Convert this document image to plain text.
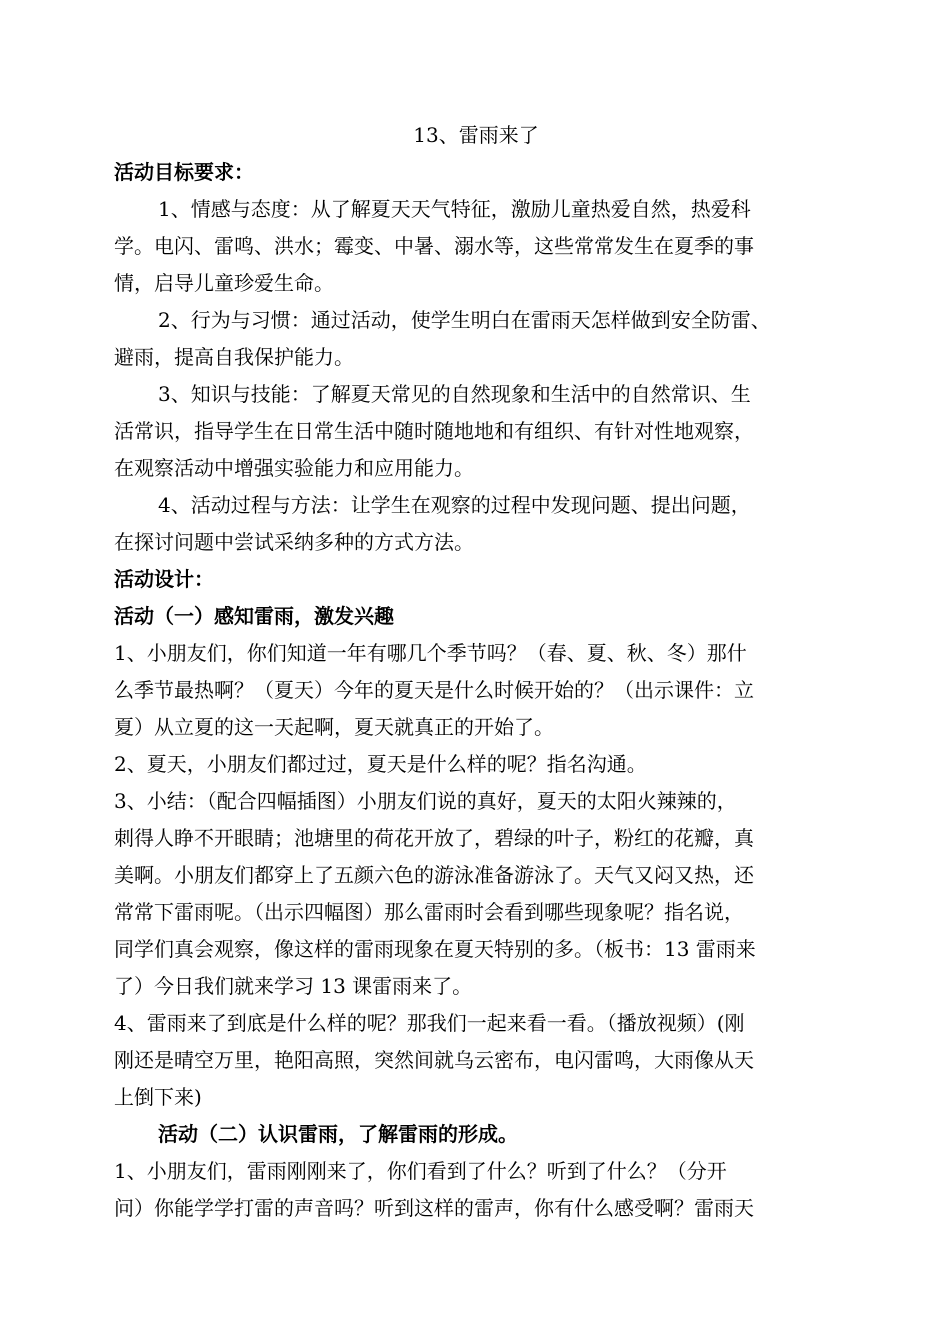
13、雷雨来了

活动目标要求：

1、情感与态度：从了解夏天天气特征，激励儿童热爱自然，热爱科

学。电闪、雷鸣、洪水；霉变、中暑、溺水等，这些常常发生在夏季的事

情，启导儿童珍爱生命。

2、行为与习惯：通过活动，使学生明白在雷雨天怎样做到安全防雷、

避雨，提高自我保护能力。

3、知识与技能：了解夏天常见的自然现象和生活中的自然常识、生

活常识，指导学生在日常生活中随时随地地和有组织、有针对性地观察，

在观察活动中增强实验能力和应用能力。

4、活动过程与方法：让学生在观察的过程中发现问题、提出问题，

在探讨问题中尝试采纳多种的方式方法。

活动设计：

活动（一）感知雷雨，激发兴趣

1、小朋友们，你们知道一年有哪几个季节吗？（春、夏、秋、冬）那什

么季节最热啊？（夏天）今年的夏天是什么时候开始的？（出示课件：立

夏）从立夏的这一天起啊，夏天就真正的开始了。

2、夏天，小朋友们都过过，夏天是什么样的呢？指名沟通。

3、小结：（配合四幅插图）小朋友们说的真好，夏天的太阳火辣辣的，

刺得人睁不开眼睛；池塘里的荷花开放了，碧绿的叶子，粉红的花瓣，真

美啊。小朋友们都穿上了五颜六色的游泳准备游泳了。天气又闷又热，还

常常下雷雨呢。（出示四幅图）那么雷雨时会看到哪些现象呢？指名说，

同学们真会观察，像这样的雷雨现象在夏天特别的多。（板书：13 雷雨来

了）今日我们就来学习 13 课雷雨来了。

4、雷雨来了到底是什么样的呢？那我们一起来看一看。（播放视频）(刚

刚还是晴空万里，艳阳高照，突然间就乌云密布，电闪雷鸣，大雨像从天

上倒下来)

活动（二）认识雷雨，了解雷雨的形成。

1、小朋友们，雷雨刚刚来了，你们看到了什么？听到了什么？（分开

问）你能学学打雷的声音吗？听到这样的雷声，你有什么感受啊？雷雨天
